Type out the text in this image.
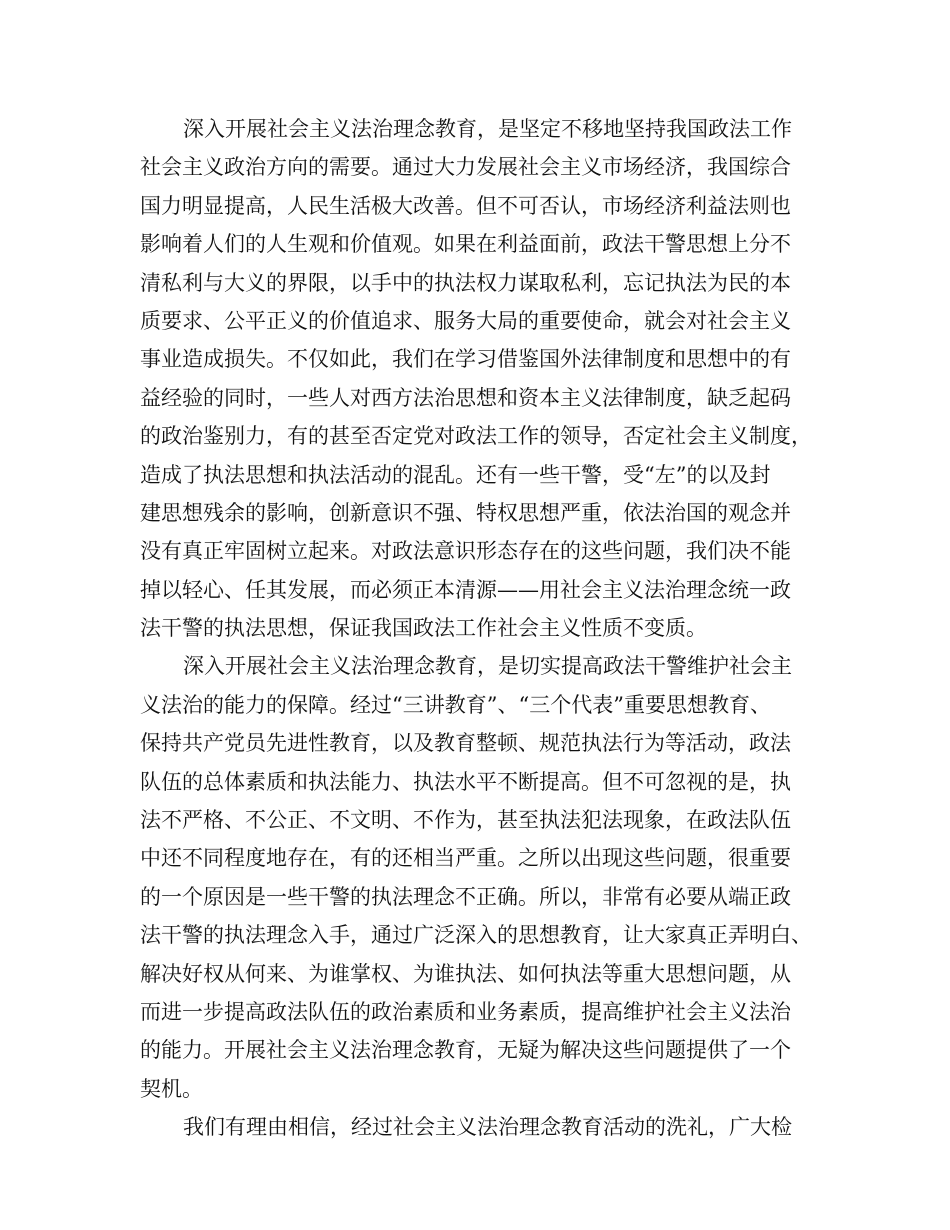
深入开展社会主义法治理念教育，是坚定不移地坚持我国政法工作
社会主义政治方向的需要。通过大力发展社会主义市场经济，我国综合
国力明显提高，人民生活极大改善。但不可否认，市场经济利益法则也
影响着人们的人生观和价值观。如果在利益面前，政法干警思想上分不
清私利与大义的界限，以手中的执法权力谋取私利，忘记执法为民的本
质要求、公平正义的价值追求、服务大局的重要使命，就会对社会主义
事业造成损失。不仅如此，我们在学习借鉴国外法律制度和思想中的有
益经验的同时，一些人对西方法治思想和资本主义法律制度，缺乏起码
的政治鉴别力，有的甚至否定党对政法工作的领导，否定社会主义制度，
造成了执法思想和执法活动的混乱。还有一些干警，受“左”的以及封
建思想残余的影响，创新意识不强、特权思想严重，依法治国的观念并
没有真正牢固树立起来。对政法意识形态存在的这些问题，我们决不能
掉以轻心、任其发展，而必须正本清源——用社会主义法治理念统一政
法干警的执法思想，保证我国政法工作社会主义性质不变质。
深入开展社会主义法治理念教育，是切实提高政法干警维护社会主
义法治的能力的保障。经过“三讲教育”、“三个代表”重要思想教育、
保持共产党员先进性教育，以及教育整顿、规范执法行为等活动，政法
队伍的总体素质和执法能力、执法水平不断提高。但不可忽视的是，执
法不严格、不公正、不文明、不作为，甚至执法犯法现象，在政法队伍
中还不同程度地存在，有的还相当严重。之所以出现这些问题，很重要
的一个原因是一些干警的执法理念不正确。所以，非常有必要从端正政
法干警的执法理念入手，通过广泛深入的思想教育，让大家真正弄明白、
解决好权从何来、为谁掌权、为谁执法、如何执法等重大思想问题，从
而进一步提高政法队伍的政治素质和业务素质，提高维护社会主义法治
的能力。开展社会主义法治理念教育，无疑为解决这些问题提供了一个
契机。
我们有理由相信，经过社会主义法治理念教育活动的洗礼，广大检
